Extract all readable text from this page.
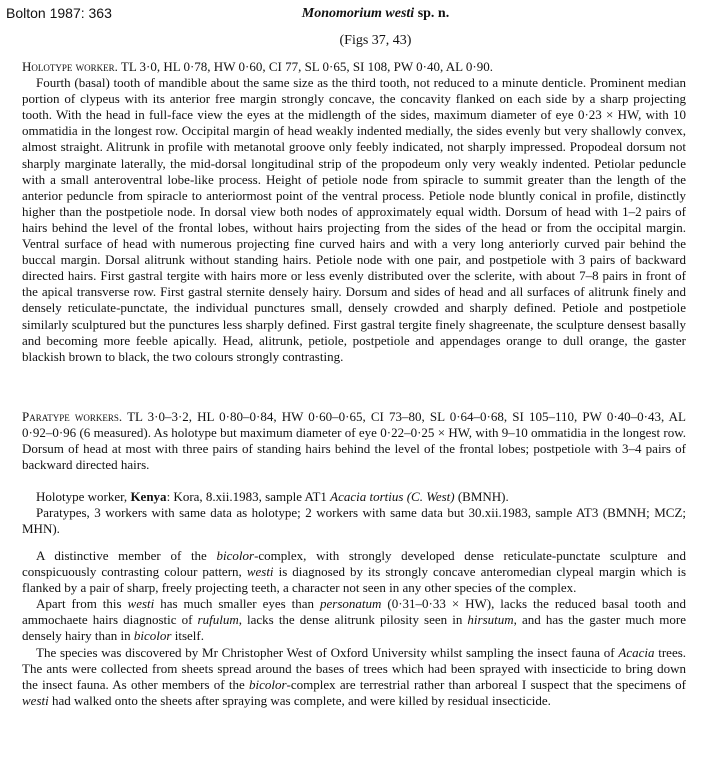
Bolton 1987: 363	Monomorium westi sp. n.
(Figs 37, 43)

Holotype worker. TL 3·0, HL 0·78, HW 0·60, CI 77, SL 0·65, SI 108, PW 0·40, AL 0·90.

Fourth (basal) tooth of mandible about the same size as the third tooth, not reduced to a minute denticle. Prominent median portion of clypeus with its anterior free margin strongly concave, the concavity flanked on each side by a sharp projecting tooth. With the head in full-face view the eyes at the midlength of the sides, maximum diameter of eye 0·23 × HW, with 10 ommatidia in the longest row. Occipital margin of head weakly indented medially, the sides evenly but very shallowly convex, almost straight. Alitrunk in profile with metanotal groove only feebly indicated, not sharply impressed. Propodeal dorsum not sharply marginate laterally, the mid-dorsal longitudinal strip of the propodeum only very weakly indented. Petiolar peduncle with a small anteroventral lobe-like process. Height of petiole node from spiracle to summit greater than the length of the anterior peduncle from spiracle to anteriormost point of the ventral process. Petiole node bluntly conical in profile, distinctly higher than the postpetiole node. In dorsal view both nodes of approximately equal width. Dorsum of head with 1–2 pairs of hairs behind the level of the frontal lobes, without hairs projecting from the sides of the head or from the occipital margin. Ventral surface of head with numerous projecting fine curved hairs and with a very long anteriorly curved pair behind the buccal margin. Dorsal alitrunk without standing hairs. Petiole node with one pair, and postpetiole with 3 pairs of backward directed hairs. First gastral tergite with hairs more or less evenly distributed over the sclerite, with about 7–8 pairs in front of the apical transverse row. First gastral sternite densely hairy. Dorsum and sides of head and all surfaces of alitrunk finely and densely reticulate-punctate, the individual punctures small, densely crowded and sharply defined. Petiole and postpetiole similarly sculptured but the punctures less sharply defined. First gastral tergite finely shagreenate, the sculpture densest basally and becoming more feeble apically. Head, alitrunk, petiole, postpetiole and appendages orange to dull orange, the gaster blackish brown to black, the two colours strongly contrasting.

Paratype workers. TL 3·0–3·2, HL 0·80–0·84, HW 0·60–0·65, CI 73–80, SL 0·64–0·68, SI 105–110, PW 0·40–0·43, AL 0·92–0·96 (6 measured). As holotype but maximum diameter of eye 0·22–0·25 × HW, with 9–10 ommatidia in the longest row. Dorsum of head at most with three pairs of standing hairs behind the level of the frontal lobes; postpetiole with 3–4 pairs of backward directed hairs.

Holotype worker, Kenya: Kora, 8.xii.1983, sample AT1 Acacia tortius (C. West) (BMNH).

Paratypes, 3 workers with same data as holotype; 2 workers with same data but 30.xii.1983, sample AT3 (BMNH; MCZ; MHN).

A distinctive member of the bicolor-complex, with strongly developed dense reticulate-punctate sculpture and conspicuously contrasting colour pattern, westi is diagnosed by its strongly concave anteromedian clypeal margin which is flanked by a pair of sharp, freely projecting teeth, a character not seen in any other species of the complex.

Apart from this westi has much smaller eyes than personatum (0·31–0·33 × HW), lacks the reduced basal tooth and ammochaete hairs diagnostic of rufulum, lacks the dense alitrunk pilosity seen in hirsutum, and has the gaster much more densely hairy than in bicolor itself.

The species was discovered by Mr Christopher West of Oxford University whilst sampling the insect fauna of Acacia trees. The ants were collected from sheets spread around the bases of trees which had been sprayed with insecticide to bring down the insect fauna. As other members of the bicolor-complex are terrestrial rather than arboreal I suspect that the specimens of westi had walked onto the sheets after spraying was complete, and were killed by residual insecticide.
